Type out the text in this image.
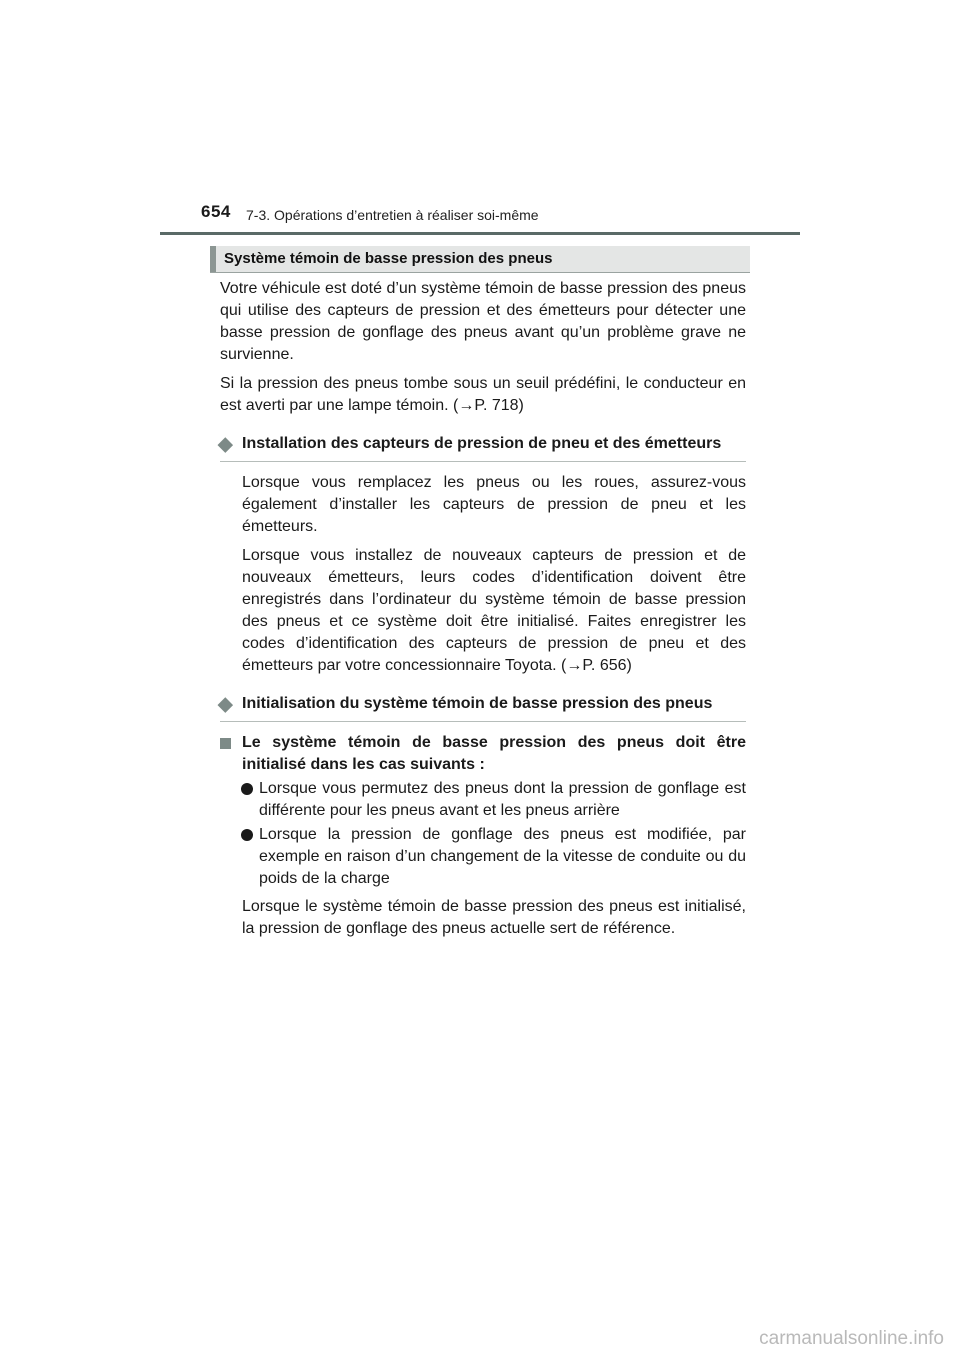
654 7-3. Opérations d’entretien à réaliser soi-même
Système témoin de basse pression des pneus

Votre véhicule est doté d’un système témoin de basse pression des pneus qui utilise des capteurs de pression et des émetteurs pour détecter une basse pression de gonflage des pneus avant qu’un problème grave ne survienne.

Si la pression des pneus tombe sous un seuil prédéfini, le conducteur en est averti par une lampe témoin. (→P. 718)

◆ Installation des capteurs de pression de pneu et des émetteurs

Lorsque vous remplacez les pneus ou les roues, assurez-vous également d’installer les capteurs de pression de pneu et les émetteurs.

Lorsque vous installez de nouveaux capteurs de pression et de nouveaux émetteurs, leurs codes d’identification doivent être enregistrés dans l’ordinateur du système témoin de basse pression des pneus et ce système doit être initialisé. Faites enregistrer les codes d’identification des capteurs de pression de pneu et des émetteurs par votre concessionnaire Toyota. (→P. 656)

◆ Initialisation du système témoin de basse pression des pneus
Le système témoin de basse pression des pneus doit être initialisé dans les cas suivants :
Lorsque vous permutez des pneus dont la pression de gonflage est différente pour les pneus avant et les pneus arrière
Lorsque la pression de gonflage des pneus est modifiée, par exemple en raison d’un changement de la vitesse de conduite ou du poids de la charge

Lorsque le système témoin de basse pression des pneus est initialisé, la pression de gonflage des pneus actuelle sert de référence.

carmanualsonline.info
